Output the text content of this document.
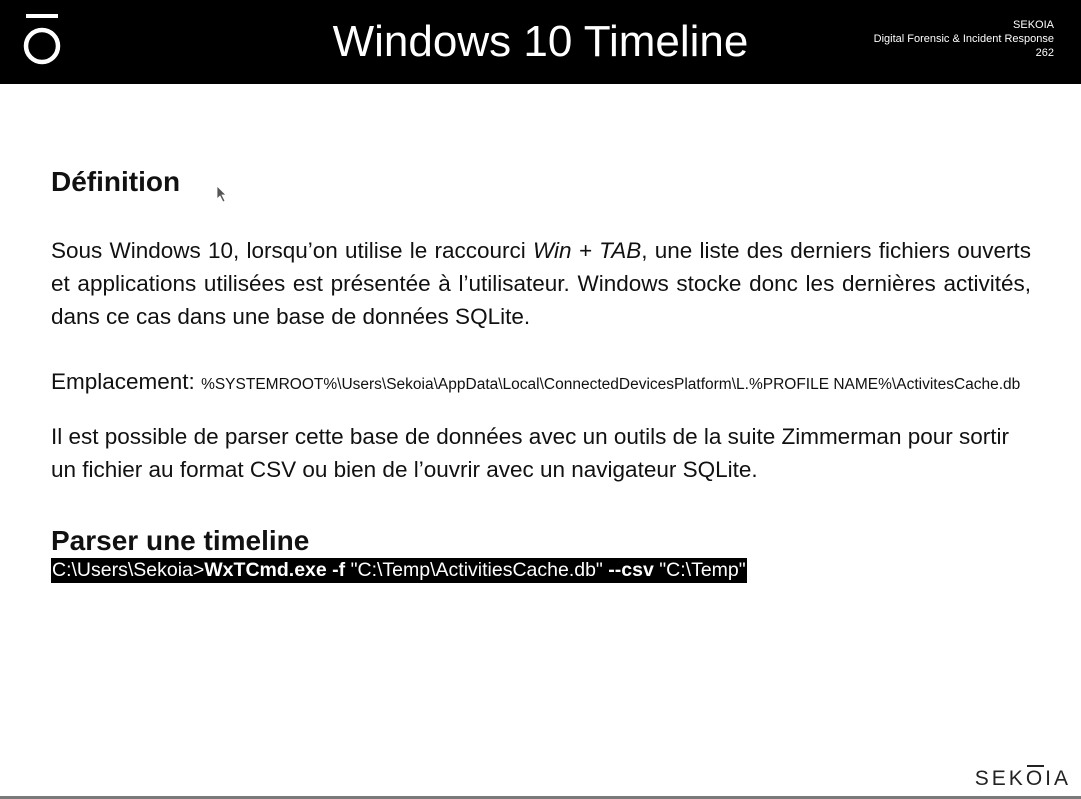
Windows 10 Timeline	SEKOIA
Digital Forensic & Incident Response
262
Définition

Sous Windows 10, lorsqu’on utilise le raccourci Win + TAB, une liste des derniers fichiers ouverts et applications utilisées est présentée à l’utilisateur. Windows stocke donc les dernières activités, dans ce cas dans une base de données SQLite.

Emplacement: %SYSTEMROOT%\Users\Sekoia\AppData\Local\ConnectedDevicesPlatform\L.%PROFILE NAME%\ActivitesCache.db

Il est possible de parser cette base de données avec un outils de la suite Zimmerman pour sortir un fichier au format CSV ou bien de l’ouvrir avec un navigateur SQLite.

Parser une timeline
C:\Users\Sekoia>WxTCmd.exe -f "C:\Temp\ActivitiesCache.db" --csv "C:\Temp"
SEKOIA
